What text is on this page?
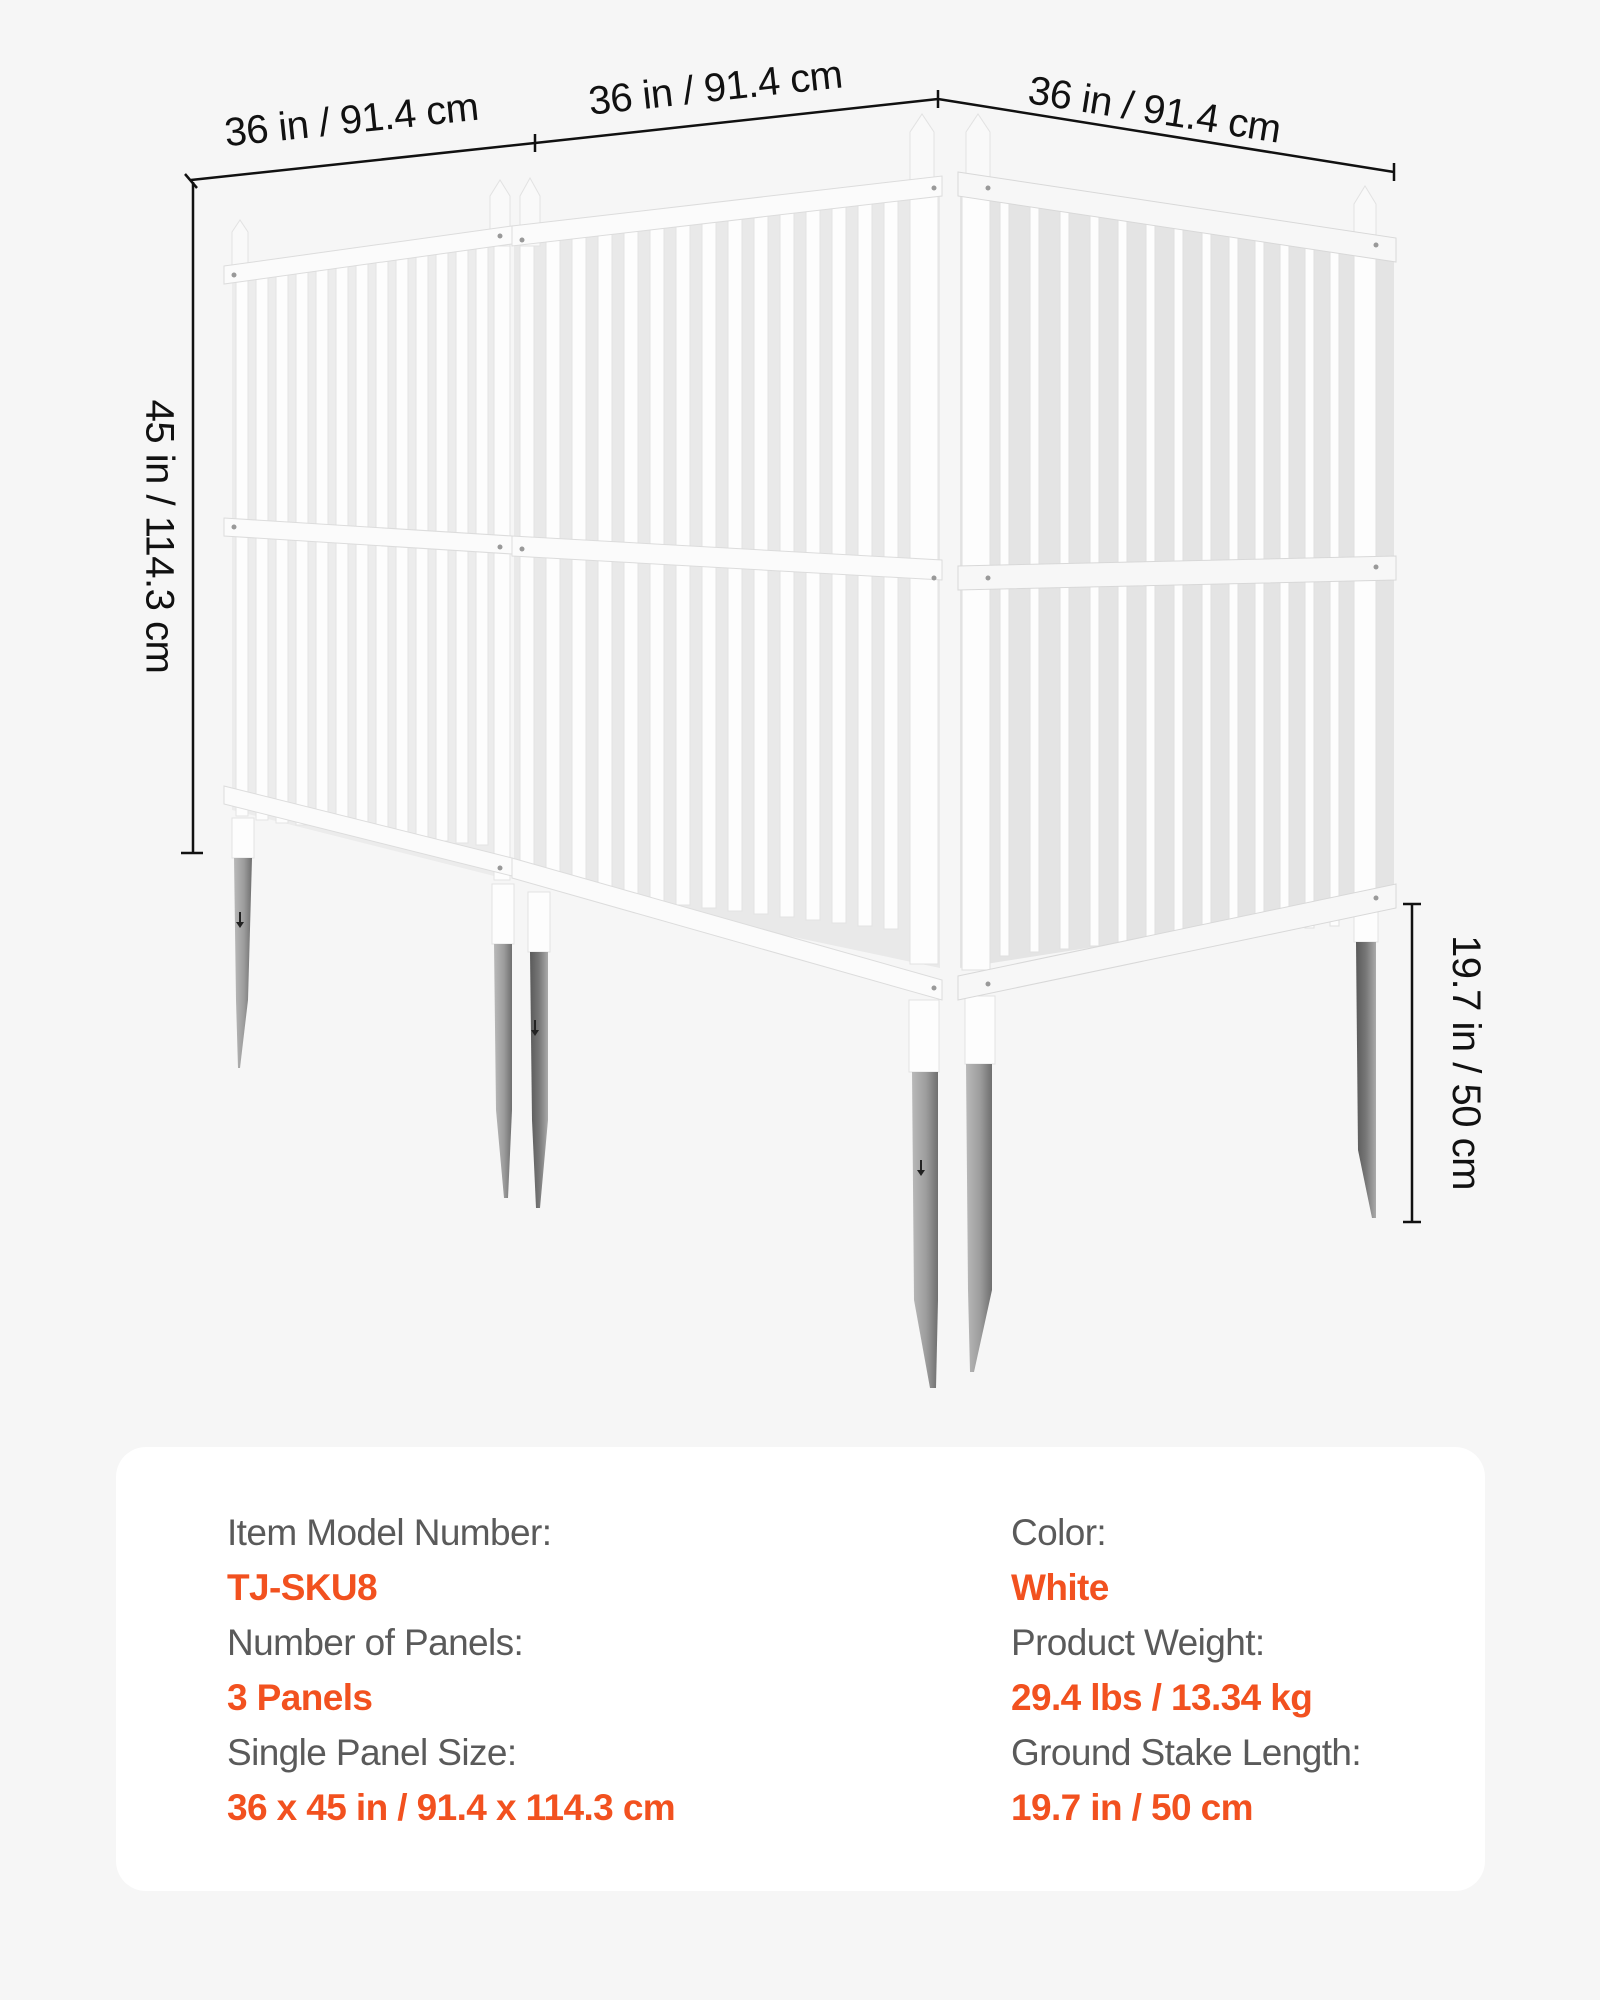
36 in / 91.4 cm	36 in / 91.4 cm	36 in / 91.4 cm
45 in / 114.3 cm
19.7 in / 50 cm
Item Model Number:
TJ-SKU8
Number of Panels:
3 Panels
Single Panel Size:
36 x 45 in / 91.4 x 114.3 cm
Color:
White
Product Weight:
29.4 lbs / 13.34 kg
Ground Stake Length:
19.7 in / 50 cm
